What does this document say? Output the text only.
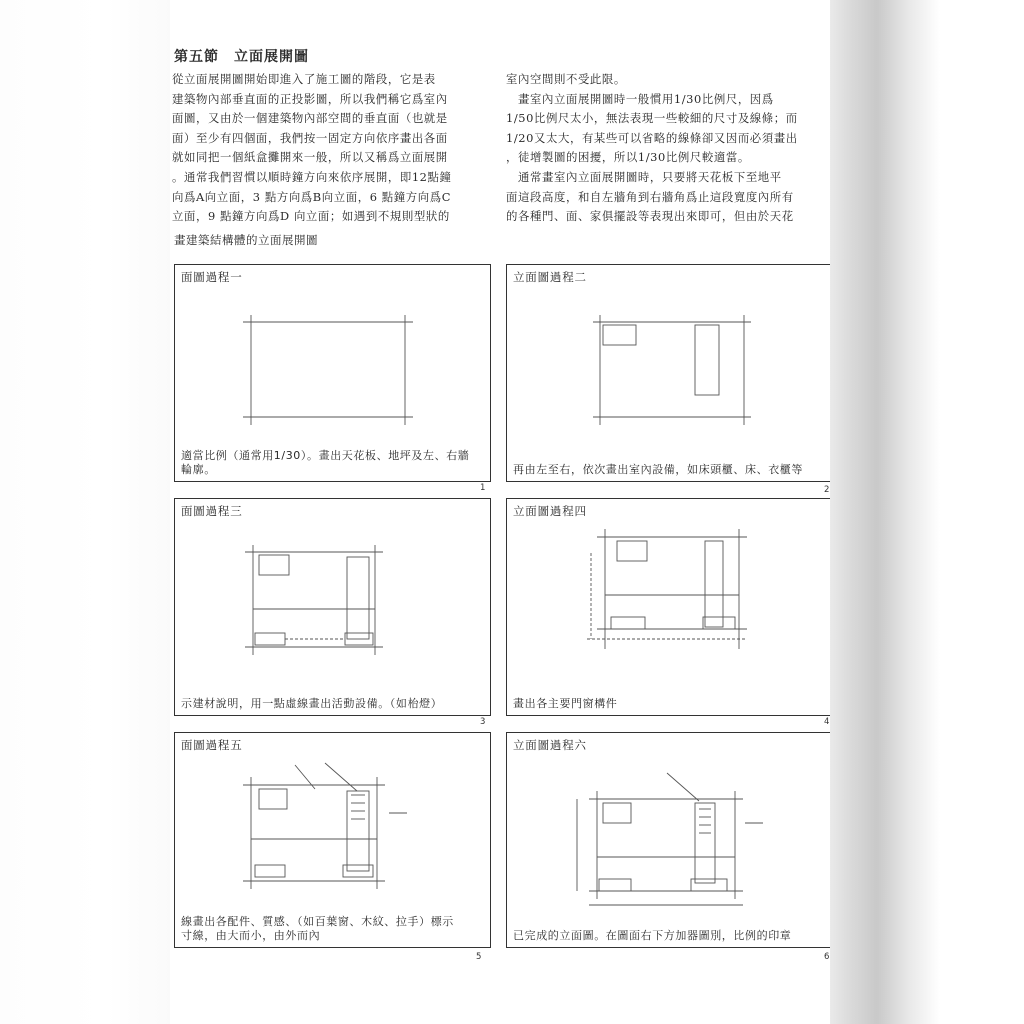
第五節　立面展開圖

從立面展開圖開始即進入了施工圖的階段，它是表

建築物內部垂直面的正投影圖，所以我們稱它爲室內

面圖，又由於一個建築物內部空間的垂直面（也就是

面）至少有四個面，我們按一固定方向依序畫出各面

就如同把一個紙盒攤開來一般，所以又稱爲立面展開

。通常我們習慣以順時鐘方向來依序展開，即12點鐘

向爲A向立面，3 點方向爲B向立面，6 點鐘方向爲C

立面，9 點鐘方向爲D 向立面；如遇到不規則型狀的

室內空間則不受此限。

　畫室內立面展開圖時一般慣用1/30比例尺，因爲

1/50比例尺太小，無法表現一些較細的尺寸及線條；而

1/20又太大，有某些可以省略的線條卻又因而必須畫出

，徒增製圖的困擾，所以1/30比例尺較適當。

　通常畫室內立面展開圖時，只要將天花板下至地平

面這段高度，和自左牆角到右牆角爲止這段寬度內所有

的各種門、面、家俱擺設等表現出來即可，但由於天花

畫建築結構體的立面展開圖
面圖過程一
適當比例（通常用1/30）。畫出天花板、地坪及左、右牆
輪廓。
1
立面圖過程二
再由左至右，依次畫出室內設備，如床頭櫃、床、衣櫃等
2
面圖過程三
示建材說明，用一點虛線畫出活動設備。（如枱燈）
3
立面圖過程四
畫出各主要門窗構件
4
面圖過程五
線畫出各配件、質感、（如百葉窗、木紋、拉手）標示
寸線，由大而小，由外而內
5
立面圖過程六
已完成的立面圖。在圖面右下方加器圖別，比例的印章
6
